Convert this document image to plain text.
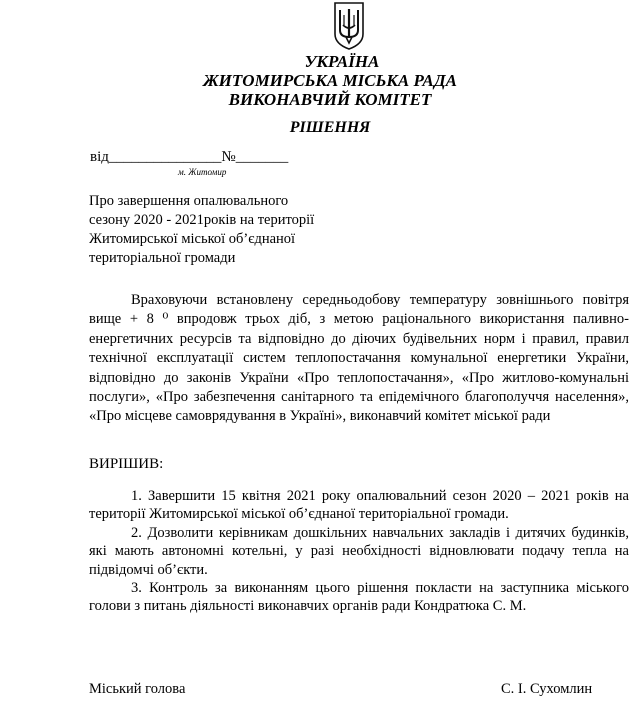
УКРАЇНА
ЖИТОМИРСЬКА МІСЬКА РАДА
ВИКОНАВЧИЙ КОМІТЕТ
РІШЕННЯ
від_______________№_______
м. Житомир
Про завершення опалювального
сезону 2020 - 2021років на території
Житомирської міської об’єднаної
територіальної громади

Враховуючи встановлену середньодобову температуру зовнішнього повітря вище + 8 ⁰ впродовж трьох діб, з метою раціонального використання паливно-енергетичних ресурсів та відповідно до діючих будівельних норм і правил, правил технічної експлуатації систем теплопостачання комунальної енергетики України, відповідно до законів України «Про теплопостачання», «Про житлово-комунальні послуги», «Про забезпечення санітарного та епідемічного благополуччя населення», «Про місцеве самоврядування в Україні», виконавчий комітет міської ради

ВИРІШИВ:

1. Завершити 15 квітня 2021 року опалювальний сезон 2020 – 2021 років на території Житомирської міської об’єднаної територіальної громади.

2. Дозволити керівникам дошкільних навчальних закладів і дитячих будинків, які мають автономні котельні, у разі необхідності відновлювати подачу тепла на підвідомчі об’єкти.

3. Контроль за виконанням цього рішення покласти на заступника міського голови з питань діяльності виконавчих органів ради Кондратюка С. М.

Міський голова	С. І. Сухомлин
